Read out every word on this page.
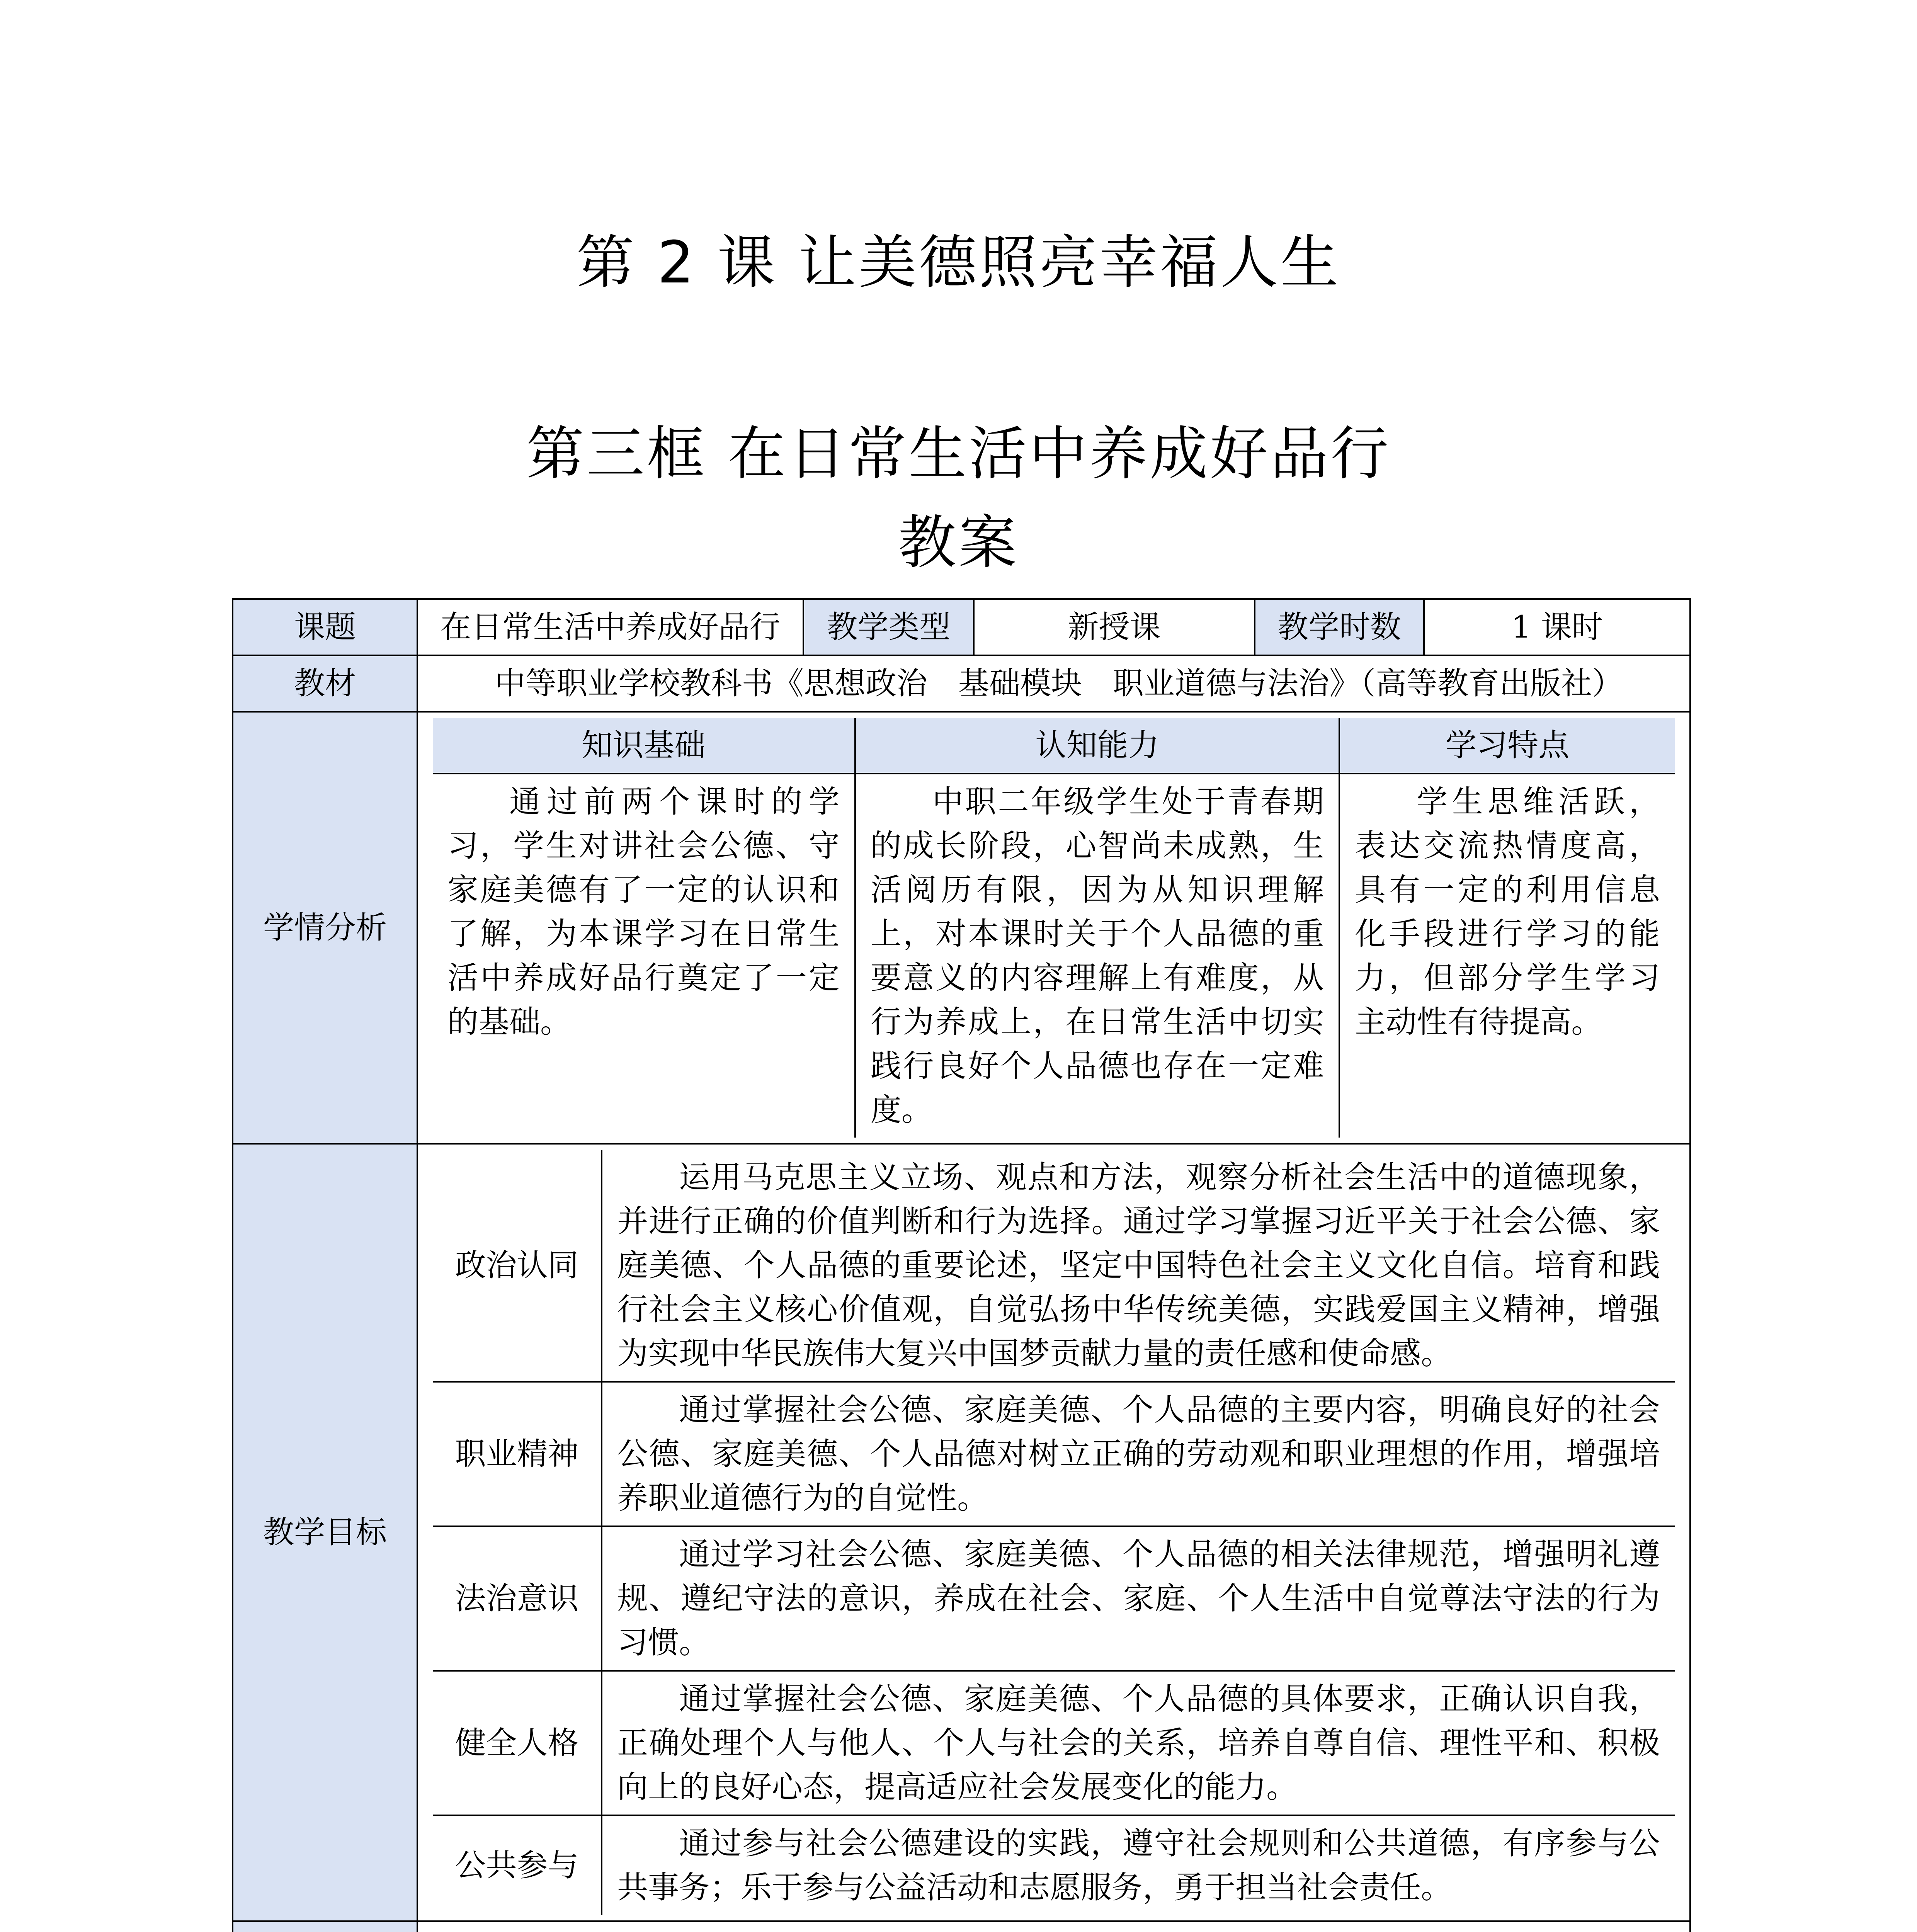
第 2 课 让美德照亮幸福人生
第三框 在日常生活中养成好品行
教案
课题	在日常生活中养成好品行	教学类型	新授课	教学时数	1 课时
教材	中等职业学校教科书《思想政治　基础模块　职业道德与法治》（高等教育出版社）
学情分析	
知识基础	认知能力	学习特点
通过前两个课时的学习，学生对讲社会公德、守家庭美德有了一定的认识和了解，为本课学习在日常生活中养成好品行奠定了一定的基础。	中职二年级学生处于青春期的成长阶段，心智尚未成熟，生活阅历有限，因为从知识理解上，对本课时关于个人品德的重要意义的内容理解上有难度，从行为养成上，在日常生活中切实践行良好个人品德也存在一定难度。	学生思维活跃，表达交流热情度高，具有一定的利用信息化手段进行学习的能力，但部分学生学习主动性有待提高。

教学目标	
政治认同	运用马克思主义立场、观点和方法，观察分析社会生活中的道德现象，并进行正确的价值判断和行为选择。通过学习掌握习近平关于社会公德、家庭美德、个人品德的重要论述，坚定中国特色社会主义文化自信。培育和践行社会主义核心价值观，自觉弘扬中华传统美德，实践爱国主义精神，增强为实现中华民族伟大复兴中国梦贡献力量的责任感和使命感。
职业精神	通过掌握社会公德、家庭美德、个人品德的主要内容，明确良好的社会公德、家庭美德、个人品德对树立正确的劳动观和职业理想的作用，增强培养职业道德行为的自觉性。
法治意识	通过学习社会公德、家庭美德、个人品德的相关法律规范，增强明礼遵规、遵纪守法的意识，养成在社会、家庭、个人生活中自觉尊法守法的行为习惯。
健全人格	通过掌握社会公德、家庭美德、个人品德的具体要求，正确认识自我，正确处理个人与他人、个人与社会的关系，培养自尊自信、理性平和、积极向上的良好心态，提高适应社会发展变化的能力。
公共参与	通过参与社会公德建设的实践，遵守社会规则和公共道德，有序参与公共事务；乐于参与公益活动和志愿服务，勇于担当社会责任。
